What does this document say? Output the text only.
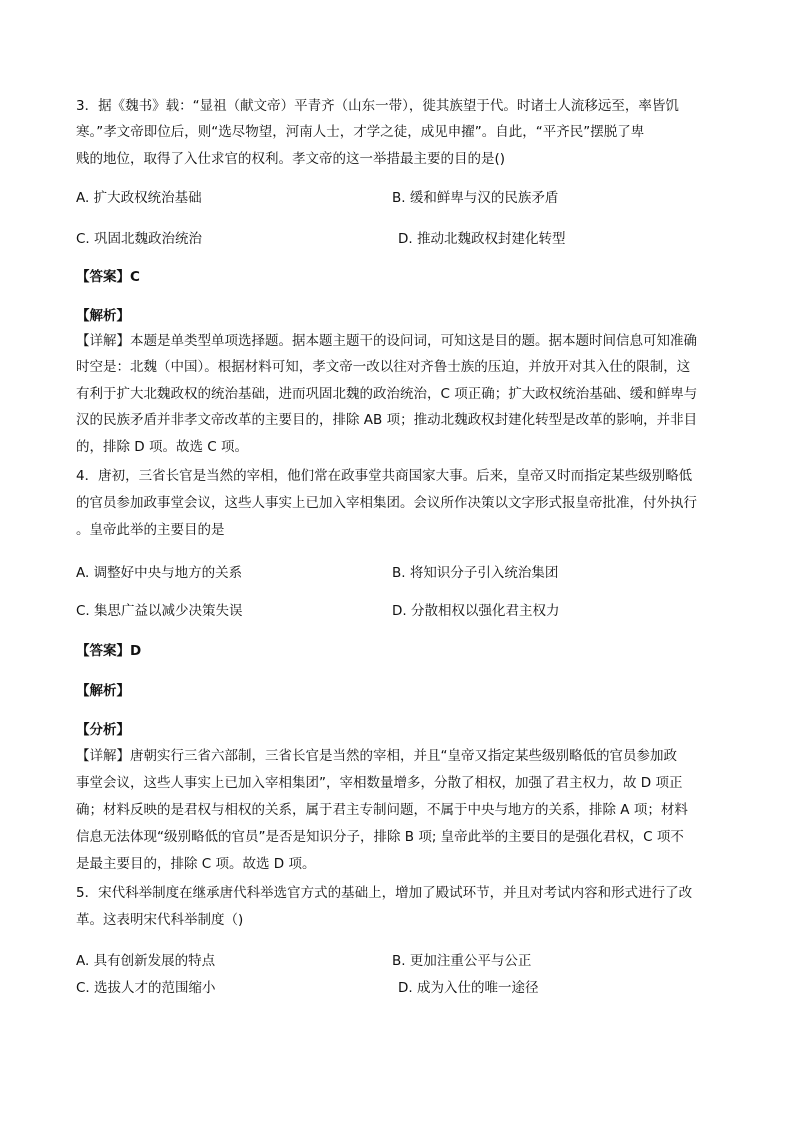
3．据《魏书》载：“显祖（献文帝）平青齐（山东一带），徙其族望于代。时诸士人流移远至，率皆饥
寒。”孝文帝即位后，则“选尽物望，河南人士，才学之徒，成见申擢”。自此，“平齐民”摆脱了卑
贱的地位，取得了入仕求官的权利。孝文帝的这一举措最主要的目的是()
A. 扩大政权统治基础	B. 缓和鲜卑与汉的民族矛盾
C. 巩固北魏政治统治	D. 推动北魏政权封建化转型
【答案】C
【解析】
【详解】本题是单类型单项选择题。据本题主题干的设问词，可知这是目的题。据本题时间信息可知准确
时空是：北魏（中国）。根据材料可知，孝文帝一改以往对齐鲁士族的压迫，并放开对其入仕的限制，这
有利于扩大北魏政权的统治基础，进而巩固北魏的政治统治，C 项正确；扩大政权统治基础、缓和鲜卑与
汉的民族矛盾并非孝文帝改革的主要目的，排除 AB 项；推动北魏政权封建化转型是改革的影响，并非目
的，排除 D 项。故选 C 项。
4．唐初，三省长官是当然的宰相，他们常在政事堂共商国家大事。后来，皇帝又时而指定某些级别略低
的官员参加政事堂会议，这些人事实上已加入宰相集团。会议所作决策以文字形式报皇帝批准，付外执行
。皇帝此举的主要目的是
A. 调整好中央与地方的关系	B. 将知识分子引入统治集团
C. 集思广益以减少决策失误	D. 分散相权以强化君主权力
【答案】D
【解析】
【分析】
【详解】唐朝实行三省六部制，三省长官是当然的宰相，并且“皇帝又指定某些级别略低的官员参加政
事堂会议，这些人事实上已加入宰相集团”，宰相数量增多，分散了相权，加强了君主权力，故 D 项正
确；材料反映的是君权与相权的关系，属于君主专制问题，不属于中央与地方的关系，排除 A 项；材料
信息无法体现“级别略低的官员”是否是知识分子，排除 B 项; 皇帝此举的主要目的是强化君权，C 项不
是最主要目的，排除 C 项。故选 D 项。
5．宋代科举制度在继承唐代科举选官方式的基础上，增加了殿试环节，并且对考试内容和形式进行了改
革。这表明宋代科举制度（)
A. 具有创新发展的特点	B. 更加注重公平与公正
C. 选拔人才的范围缩小	D. 成为入仕的唯一途径
